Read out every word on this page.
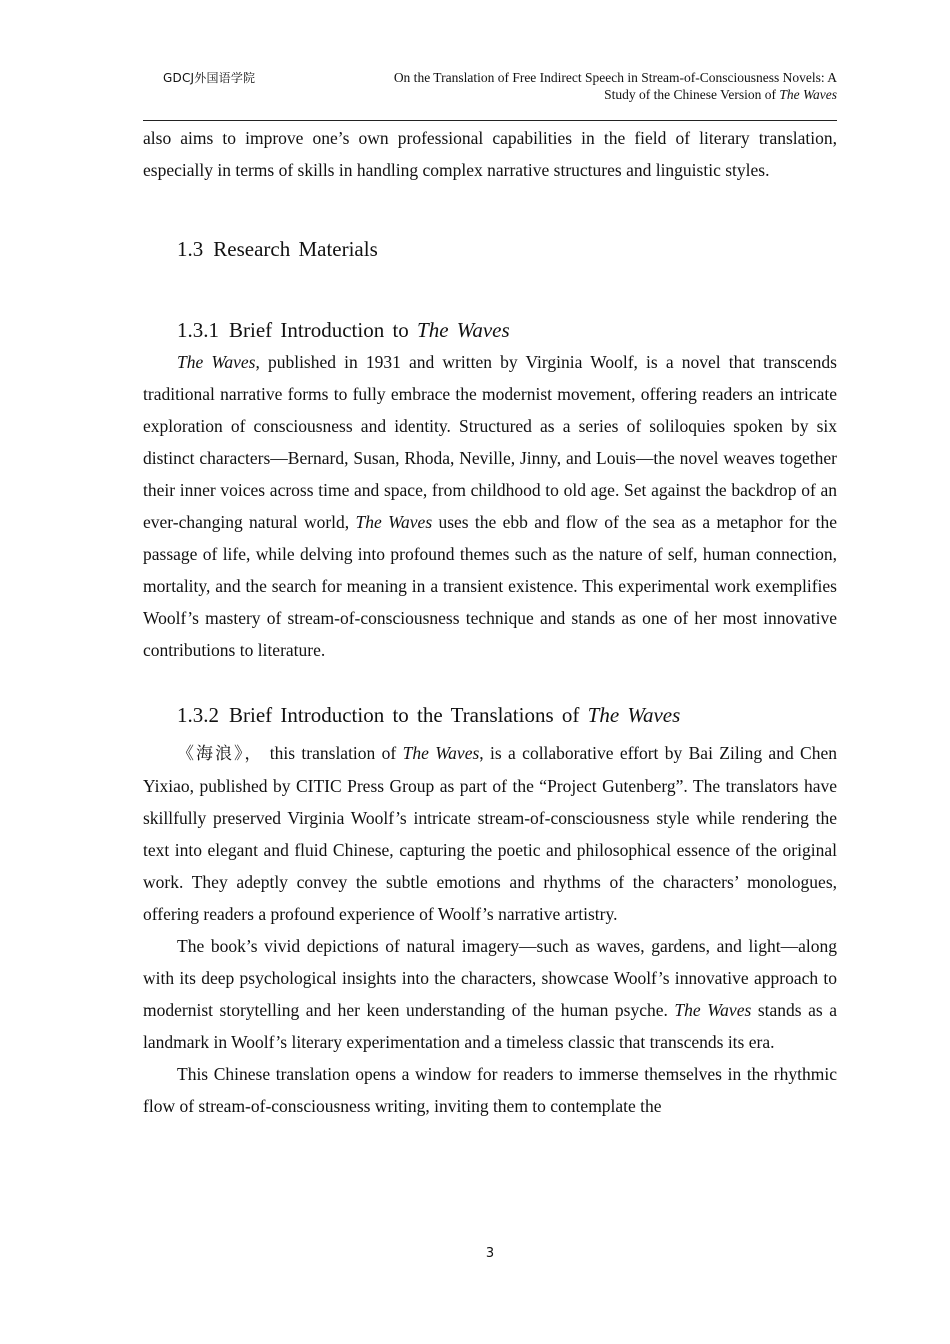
GDCJ外国语学院	On the Translation of Free Indirect Speech in Stream-of-Consciousness Novels: A
Study of the Chinese Version of The Waves

also aims to improve one’s own professional capabilities in the field of literary translation, especially in terms of skills in handling complex narrative structures and linguistic styles.

1.3 Research Materials
1.3.1 Brief Introduction to The Waves

The Waves, published in 1931 and written by Virginia Woolf, is a novel that transcends traditional narrative forms to fully embrace the modernist movement, offering readers an intricate exploration of consciousness and identity. Structured as a series of soliloquies spoken by six distinct characters—Bernard, Susan, Rhoda, Neville, Jinny, and Louis—the novel weaves together their inner voices across time and space, from childhood to old age. Set against the backdrop of an ever-changing natural world, The Waves uses the ebb and flow of the sea as a metaphor for the passage of life, while delving into profound themes such as the nature of self, human connection, mortality, and the search for meaning in a transient existence. This experimental work exemplifies Woolf’s mastery of stream-of-consciousness technique and stands as one of her most innovative contributions to literature.

1.3.2 Brief Introduction to the Translations of The Waves

《海浪》， this translation of The Waves, is a collaborative effort by Bai Ziling and Chen Yixiao, published by CITIC Press Group as part of the “Project Gutenberg”. The translators have skillfully preserved Virginia Woolf’s intricate stream-of-consciousness style while rendering the text into elegant and fluid Chinese, capturing the poetic and philosophical essence of the original work. They adeptly convey the subtle emotions and rhythms of the characters’ monologues, offering readers a profound experience of Woolf’s narrative artistry.

The book’s vivid depictions of natural imagery—such as waves, gardens, and light—along with its deep psychological insights into the characters, showcase Woolf’s innovative approach to modernist storytelling and her keen understanding of the human psyche. The Waves stands as a landmark in Woolf’s literary experimentation and a timeless classic that transcends its era.

This Chinese translation opens a window for readers to immerse themselves in the rhythmic flow of stream-of-consciousness writing, inviting them to contemplate the

3
